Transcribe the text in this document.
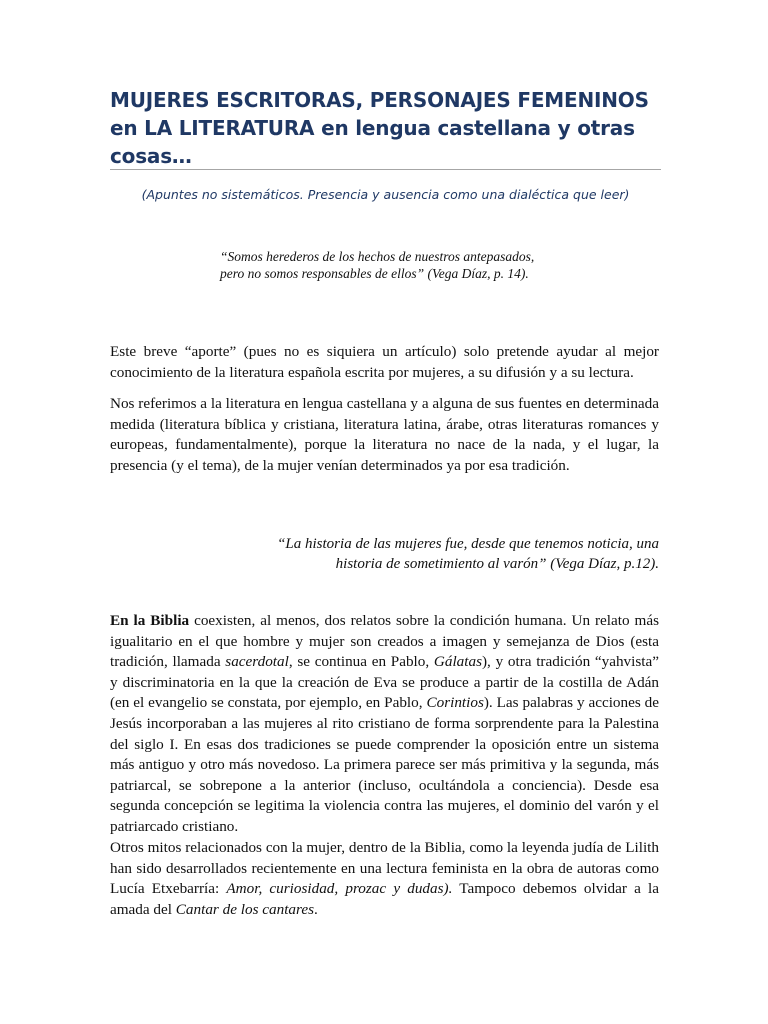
MUJERES ESCRITORAS, PERSONAJES FEMENINOS en LA LITERATURA en lengua castellana y otras cosas…
(Apuntes no sistemáticos. Presencia y ausencia como una dialéctica que leer)
“Somos herederos de los hechos de nuestros antepasados,
pero no somos responsables de ellos” (Vega Díaz, p. 14).

Este breve “aporte” (pues no es siquiera un artículo) solo pretende ayudar al mejor conocimiento de la literatura española escrita por mujeres, a su difusión y a su lectura.

Nos referimos a la literatura en lengua castellana y a alguna de sus fuentes en determinada medida (literatura bíblica y cristiana, literatura latina, árabe, otras literaturas romances y europeas, fundamentalmente), porque la literatura no nace de la nada, y el lugar, la presencia (y el tema), de la mujer venían determinados ya por esa tradición.

“La historia de las mujeres fue, desde que tenemos noticia, una
historia de sometimiento al varón” (Vega Díaz, p.12).

En la Biblia coexisten, al menos, dos relatos sobre la condición humana. Un relato más igualitario en el que hombre y mujer son creados a imagen y semejanza de Dios (esta tradición, llamada sacerdotal, se continua en Pablo, Gálatas), y otra tradición “yahvista” y discriminatoria en la que la creación de Eva se produce a partir de la costilla de Adán (en el evangelio se constata, por ejemplo, en Pablo, Corintios). Las palabras y acciones de Jesús incorporaban a las mujeres al rito cristiano de forma sorprendente para la Palestina del siglo I. En esas dos tradiciones se puede comprender la oposición entre un sistema más antiguo y otro más novedoso. La primera parece ser más primitiva y la segunda, más patriarcal, se sobrepone a la anterior (incluso, ocultándola a conciencia). Desde esa segunda concepción se legitima la violencia contra las mujeres, el dominio del varón y el patriarcado cristiano.

Otros mitos relacionados con la mujer, dentro de la Biblia, como la leyenda judía de Lilith han sido desarrollados recientemente en una lectura feminista en la obra de autoras como Lucía Etxebarría: Amor, curiosidad, prozac y dudas). Tampoco debemos olvidar a la amada del Cantar de los cantares.
